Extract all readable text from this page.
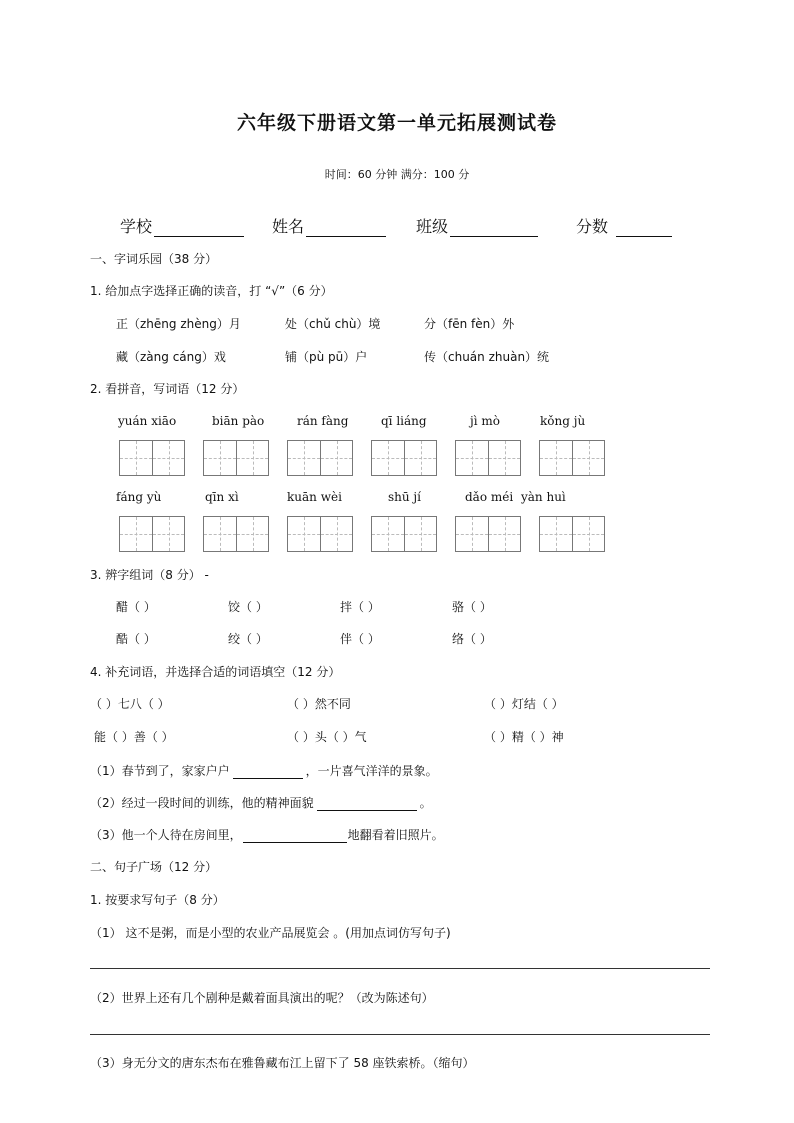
六年级下册语文第一单元拓展测试卷
时间：60 分钟 满分：100 分
学校	姓名	班级	分数
一、字词乐园（38 分）
1. 给加点字选择正确的读音，打 “√”（6 分）
正（zhēng zhèng）月	处（chǔ chù）境	分（fēn fèn）外
藏（zàng cáng）戏	铺（pù pū）户	传（chuán zhuàn）统
2. 看拼音，写词语（12 分）
yuán xiāo	biān pào	rán fàng	qī liáng	jì mò	kǒng jù
fáng yù	qīn xì	kuān wèi	shū jí	dǎo méi yàn huì
3. 辨字组词（8 分） -
醋（ ）	饺（ ）	拌（ ）	骆（ ）
酷（ ）	绞（ ）	伴（ ）	络（ ）
4. 补充词语，并选择合适的词语填空（12 分）
（ ）七八（ ）	（ ）然不同	（ ）灯结（ ）
能（ ）善（ ）	（ ）头（ ）气	（ ）精（ ）神
（1）春节到了，家家户户	，一片喜气洋洋的景象。
（2）经过一段时间的训练，他的精神面貌	。
（3）他一个人待在房间里，	地翻看着旧照片。
二、句子广场（12 分）
1. 按要求写句子（8 分）
（1） 这不是粥，而是小型的农业产品展览会 。(用加点词仿写句子)
（2）世界上还有几个剧种是戴着面具演出的呢？（改为陈述句）
（3）身无分文的唐东杰布在雅鲁藏布江上留下了 58 座铁索桥。（缩句）
